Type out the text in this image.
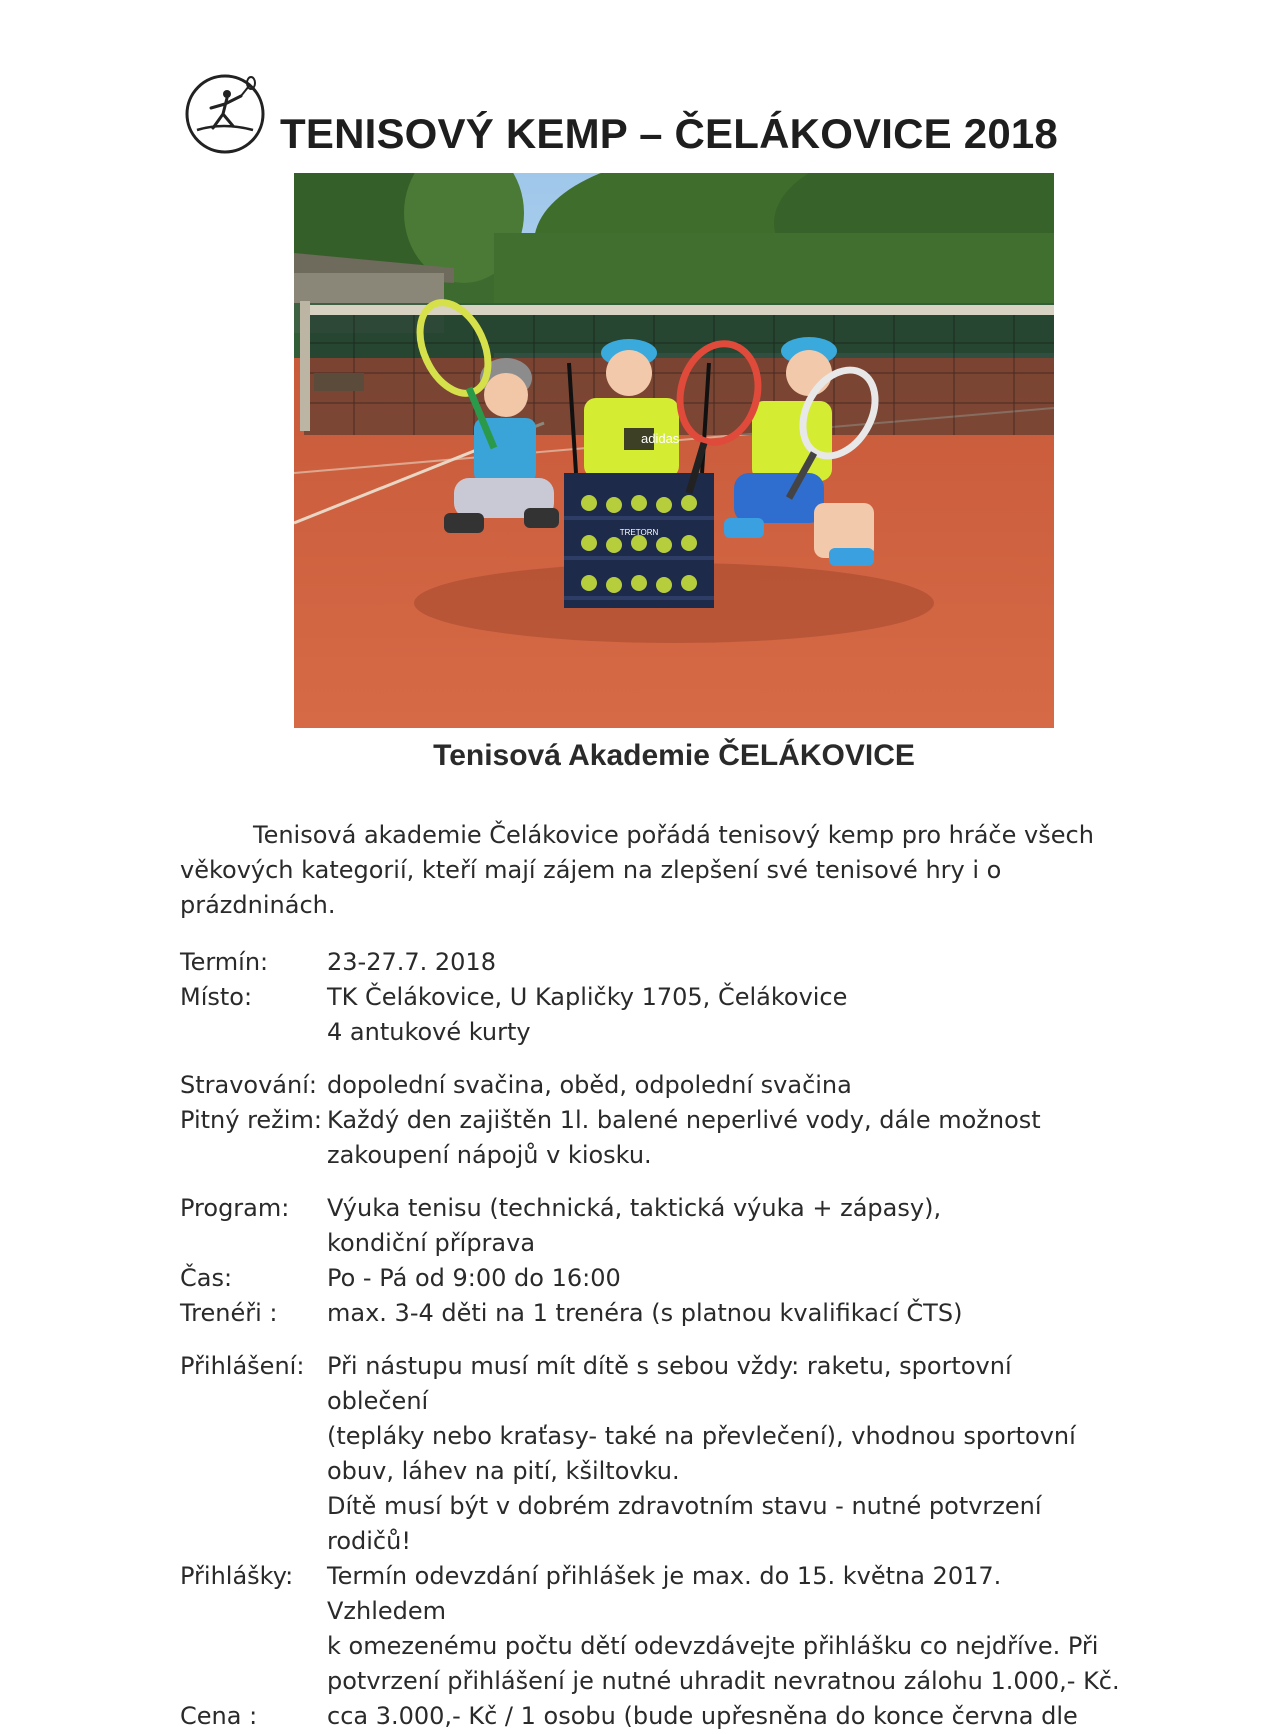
TENISOVÝ KEMP – ČELÁKOVICE 2018
adidas
TRETORN
Tenisová Akademie ČELÁKOVICE

Tenisová akademie Čelákovice pořádá tenisový kemp pro hráče všech věkových kategorií, kteří mají zájem na zlepšení své tenisové hry i o prázdninách.

Termín:	23-27.7. 2018
Místo:	TK Čelákovice, U Kapličky 1705, Čelákovice
4 antukové kurty
Stravování: dopolední svačina, oběd, odpolední svačina
Pitný režim: Každý den zajištěn 1l. balené neperlivé vody, dále možnost
zakoupení nápojů v kiosku.
Program:	Výuka tenisu (technická, taktická výuka + zápasy),
kondiční příprava
Čas:	Po - Pá od 9:00 do 16:00
Trenéři :	max. 3-4 děti na 1 trenéra (s platnou kvalifikací ČTS)
Přihlášení: Při nástupu musí mít dítě s sebou vždy: raketu, sportovní oblečení
(tepláky nebo kraťasy- také na převlečení), vhodnou sportovní
obuv, láhev na pití, kšiltovku.
Dítě musí být v dobrém zdravotním stavu - nutné potvrzení rodičů!
Přihlášky:	Termín odevzdání přihlášek je max. do 15. května 2017. Vzhledem
k omezenému počtu dětí odevzdávejte přihlášku co nejdříve. Při
potvrzení přihlášení je nutné uhradit nevratnou zálohu 1.000,- Kč.
Cena :	cca 3.000,- Kč / 1 osobu (bude upřesněna do konce června dle
